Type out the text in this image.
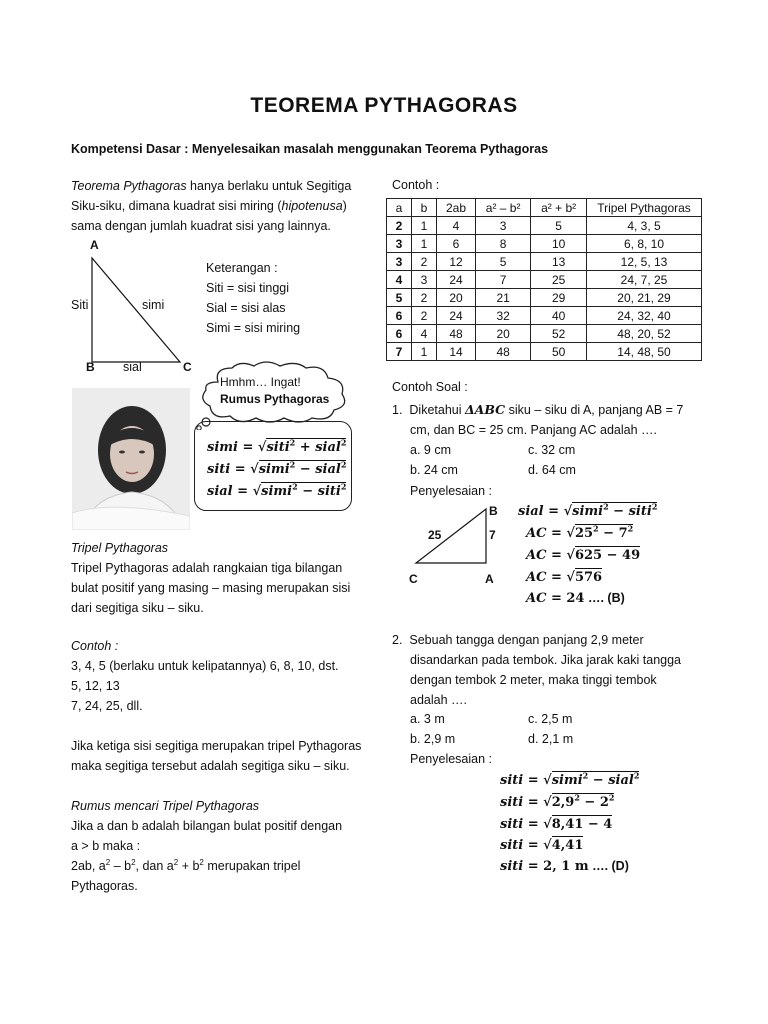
TEOREMA PYTHAGORAS
Kompetensi Dasar : Menyelesaikan masalah menggunakan Teorema Pythagoras
Teorema Pythagoras hanya berlaku untuk Segitiga
Siku-siku, dimana kuadrat sisi miring (hipotenusa)
sama dengan jumlah kuadrat sisi yang lainnya.
A
Siti	simi
B sial	C
Keterangan :
Siti = sisi tinggi
Sial = sisi alas
Simi = sisi miring
Hmhm… Ingat!
Rumus Pythagoras
simi = √siti$^2$ + sial$^2$
siti = √simi$^2$ − sial$^2$
sial = √simi$^2$ − siti$^2$
Tripel Pythagoras
Tripel Pythagoras adalah rangkaian tiga bilangan
bulat positif yang masing – masing merupakan sisi
dari segitiga siku – siku.
Contoh :
3, 4, 5 (berlaku untuk kelipatannya) 6, 8, 10, dst.
5, 12, 13
7, 24, 25, dll.
Jika ketiga sisi segitiga merupakan tripel Pythagoras
maka segitiga tersebut adalah segitiga siku – siku.
Rumus mencari Tripel Pythagoras
Jika a dan b adalah bilangan bulat positif dengan
a > b maka :
2ab, $a^2 - b^2$, dan $a^2 + b^2$ merupakan tripel
Pythagoras.
Contoh :
a	b	2ab	a² – b²	a² + b²	Tripel Pythagoras
2	1	4	3	5	4, 3, 5
3	1	6	8	10	6, 8, 10
3	2	12	5	13	12, 5, 13
4	3	24	7	25	24, 7, 25
5	2	20	21	29	20, 21, 29
6	2	24	32	40	24, 32, 40
6	4	48	20	52	48, 20, 52
7	1	14	48	50	14, 48, 50
Contoh Soal :
1. Diketahui ΔABC siku – siku di A, panjang AB = 7
cm, dan BC = 25 cm. Panjang AC adalah ….
a. 9 cm	c. 32 cm
b. 24 cm	d. 64 cm
Penyelesaian :
B
25	7
C	A
sial = √simi$^2$ − siti$^2$
AC = $√25^2 - 7^2$
AC = √625 − 49
AC = √576
AC = 24 …. (B)
2. Sebuah tangga dengan panjang 2,9 meter
disandarkan pada tembok. Jika jarak kaki tangga
dengan tembok 2 meter, maka tinggi tembok
adalah ….
a. 3 m	c. 2,5 m
b. 2,9 m	d. 2,1 m
Penyelesaian :
siti = √simi$^2$ − sial$^2$
siti = $√2,9^2 - 2^2$
siti = √8,41 − 4
siti = √4,41
siti = 2, 1 m …. (D)
